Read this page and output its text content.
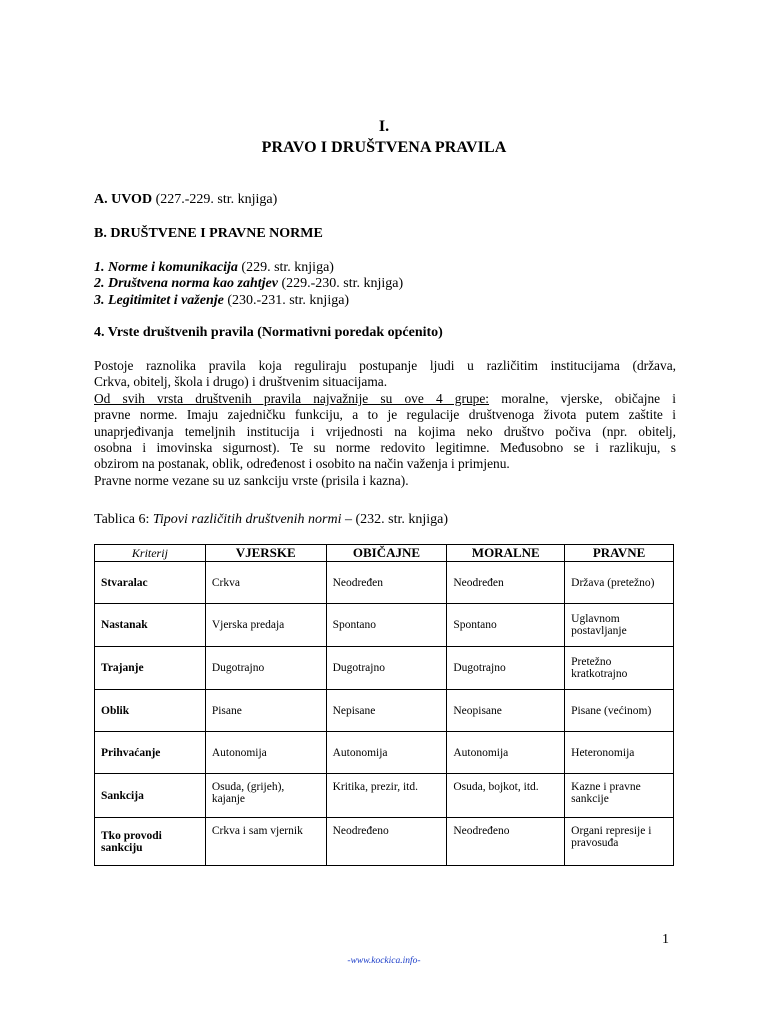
I.
PRAVO I DRUŠTVENA PRAVILA
A. UVOD (227.-229. str. knjiga)
B. DRUŠTVENE I PRAVNE NORME
1. Norme i komunikacija (229. str. knjiga)
2. Društvena norma kao zahtjev (229.-230. str. knjiga)
3. Legitimitet i važenje (230.-231. str. knjiga)
4. Vrste društvenih pravila (Normativni poredak općenito)
Postoje raznolika pravila koja reguliraju postupanje ljudi u različitim institucijama (država,
Crkva, obitelj, škola i drugo) i društvenim situacijama.
Od svih vrsta društvenih pravila najvažnije su ove 4 grupe: moralne, vjerske, običajne i
pravne norme. Imaju zajedničku funkciju, a to je regulacije društvenoga života putem zaštite i
unaprjeđivanja temeljnih institucija i vrijednosti na kojima neko društvo počiva (npr. obitelj,
osobna i imovinska sigurnost). Te su norme redovito legitimne. Međusobno se i razlikuju, s
obzirom na postanak, oblik, određenost i osobito na način važenja i primjenu.
Pravne norme vezane su uz sankciju vrste (prisila i kazna).
Tablica 6: Tipovi različitih društvenih normi – (232. str. knjiga)
Kriterij	VJERSKE	OBIČAJNE	MORALNE	PRAVNE
Stvaralac	Crkva	Neodređen	Neodređen	Država (pretežno)
Nastanak	Vjerska predaja	Spontano	Spontano	Uglavnom postavljanje
Trajanje	Dugotrajno	Dugotrajno	Dugotrajno	Pretežno kratkotrajno
Oblik	Pisane	Nepisane	Neopisane	Pisane (većinom)
Prihvaćanje	Autonomija	Autonomija	Autonomija	Heteronomija
Sankcija	Osuda, (grijeh), kajanje	Kritika, prezir, itd.	Osuda, bojkot, itd.	Kazne i pravne sankcije
Tko provodi sankciju	Crkva i sam vjernik	Neodređeno	Neodređeno	Organi represije i pravosuđa
1
-www.kockica.info-
